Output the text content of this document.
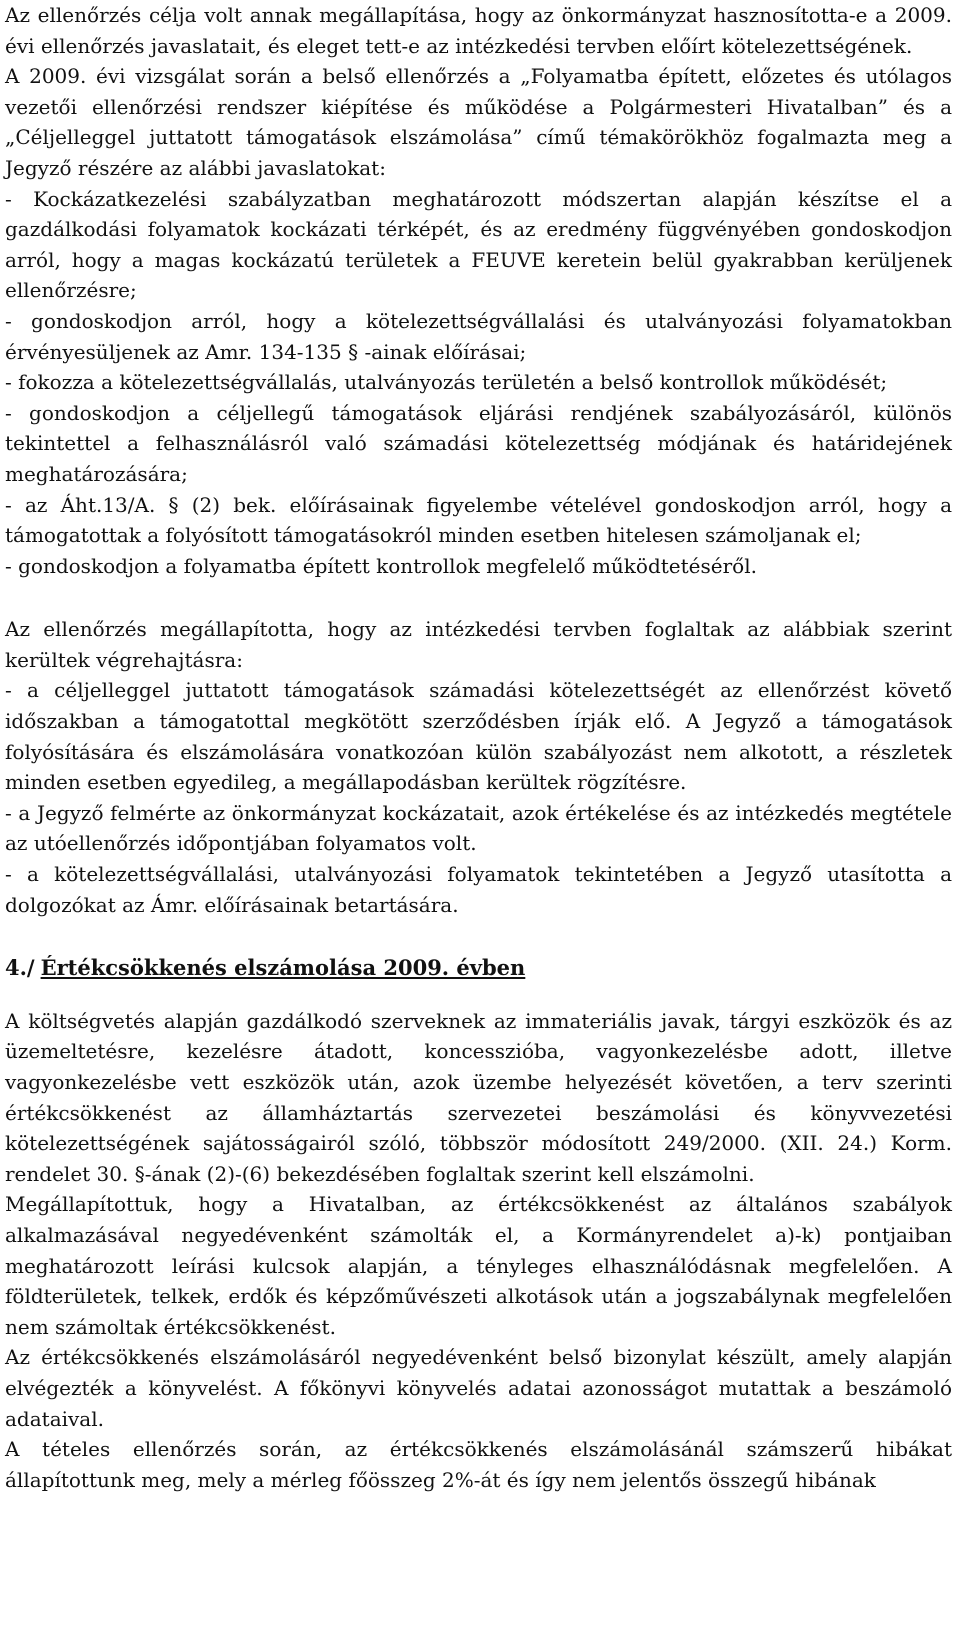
Az ellenőrzés célja volt annak megállapítása, hogy az önkormányzat hasznosította-e a 2009. évi ellenőrzés javaslatait, és eleget tett-e az intézkedési tervben előírt kötelezettségének.

A 2009. évi vizsgálat során a belső ellenőrzés a „Folyamatba épített, előzetes és utólagos vezetői ellenőrzési rendszer kiépítése és működése a Polgármesteri Hivatalban” és a „Céljelleggel juttatott támogatások elszámolása” című témakörökhöz fogalmazta meg a Jegyző részére az alábbi javaslatokat:

- Kockázatkezelési szabályzatban meghatározott módszertan alapján készítse el a gazdálkodási folyamatok kockázati térképét, és az eredmény függvényében gondoskodjon arról, hogy a magas kockázatú területek a FEUVE keretein belül gyakrabban kerüljenek ellenőrzésre;

- gondoskodjon arról, hogy a kötelezettségvállalási és utalványozási folyamatokban érvényesüljenek az Amr. 134-135 § -ainak előírásai;

- fokozza a kötelezettségvállalás, utalványozás területén a belső kontrollok működését;

- gondoskodjon a céljellegű támogatások eljárási rendjének szabályozásáról, különös tekintettel a felhasználásról való számadási kötelezettség módjának és határidejének meghatározására;

- az Áht.13/A. § (2) bek. előírásainak figyelembe vételével gondoskodjon arról, hogy a támogatottak a folyósított támogatásokról minden esetben hitelesen számoljanak el;

- gondoskodjon a folyamatba épített kontrollok megfelelő működtetéséről.

Az ellenőrzés megállapította, hogy az intézkedési tervben foglaltak az alábbiak szerint kerültek végrehajtásra:

- a céljelleggel juttatott támogatások számadási kötelezettségét az ellenőrzést követő időszakban a támogatottal megkötött szerződésben írják elő. A Jegyző a támogatások folyósítására és elszámolására vonatkozóan külön szabályozást nem alkotott, a részletek minden esetben egyedileg, a megállapodásban kerültek rögzítésre.

- a Jegyző felmérte az önkormányzat kockázatait, azok értékelése és az intézkedés megtétele az utóellenőrzés időpontjában folyamatos volt.

- a kötelezettségvállalási, utalványozási folyamatok tekintetében a Jegyző utasította a dolgozókat az Ámr. előírásainak betartására.

4./ Értékcsökkenés elszámolása 2009. évben

A költségvetés alapján gazdálkodó szerveknek az immateriális javak, tárgyi eszközök és az üzemeltetésre, kezelésre átadott, koncesszióba, vagyonkezelésbe adott, illetve vagyonkezelésbe vett eszközök után, azok üzembe helyezését követően, a terv szerinti értékcsökkenést az államháztartás szervezetei beszámolási és könyvvezetési kötelezettségének sajátosságairól szóló, többször módosított 249/2000. (XII. 24.) Korm. rendelet 30. §-ának (2)-(6) bekezdésében foglaltak szerint kell elszámolni.

Megállapítottuk, hogy a Hivatalban, az értékcsökkenést az általános szabályok alkalmazásával negyedévenként számolták el, a Kormányrendelet a)-k) pontjaiban meghatározott leírási kulcsok alapján, a tényleges elhasználódásnak megfelelően. A földterületek, telkek, erdők és képzőművészeti alkotások után a jogszabálynak megfelelően nem számoltak értékcsökkenést.

Az értékcsökkenés elszámolásáról negyedévenként belső bizonylat készült, amely alapján elvégezték a könyvelést. A főkönyvi könyvelés adatai azonosságot mutattak a beszámoló adataival.

A tételes ellenőrzés során, az értékcsökkenés elszámolásánál számszerű hibákat állapítottunk meg, mely a mérleg főösszeg 2%-át és így nem jelentős összegű hibának
